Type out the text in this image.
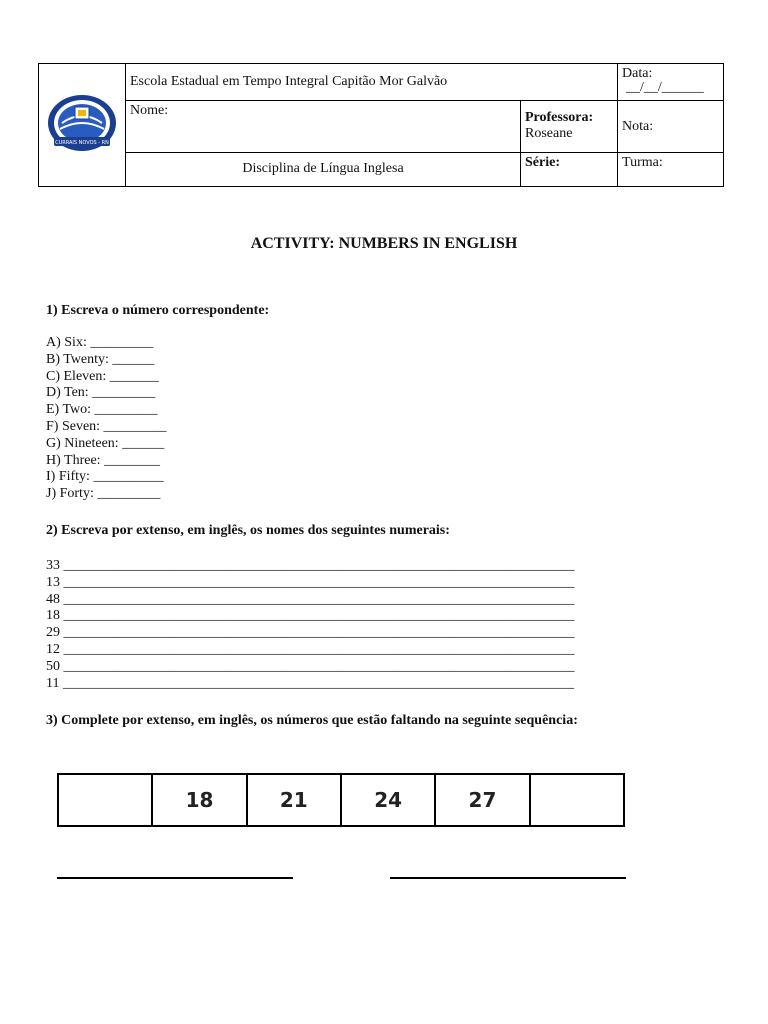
CURRAIS NOVOS - RN	Escola Estadual em Tempo Integral Capitão Mor Galvão		Data:
__/__/______

	Nome:	Professora:
Roseane	Nota:
	Disciplina de Língua Inglesa	Série:	Turma:
ACTIVITY: NUMBERS IN ENGLISH
1) Escreva o número correspondente:
A) Six: _________
B) Twenty: ______
C) Eleven: _______
D) Ten: _________
E) Two: _________
F) Seven: _________
G) Nineteen: ______
H) Three: ________
I) Fifty: __________
J) Forty: _________
2) Escreva por extenso, em inglês, os nomes dos seguintes numerais:
33 _________________________________________________________________________
13 _________________________________________________________________________
48 _________________________________________________________________________
18 _________________________________________________________________________
29 _________________________________________________________________________
12 _________________________________________________________________________
50 _________________________________________________________________________
11 _________________________________________________________________________
3) Complete por extenso, em inglês, os números que estão faltando na seguinte sequência:
	18	21	24	27	
